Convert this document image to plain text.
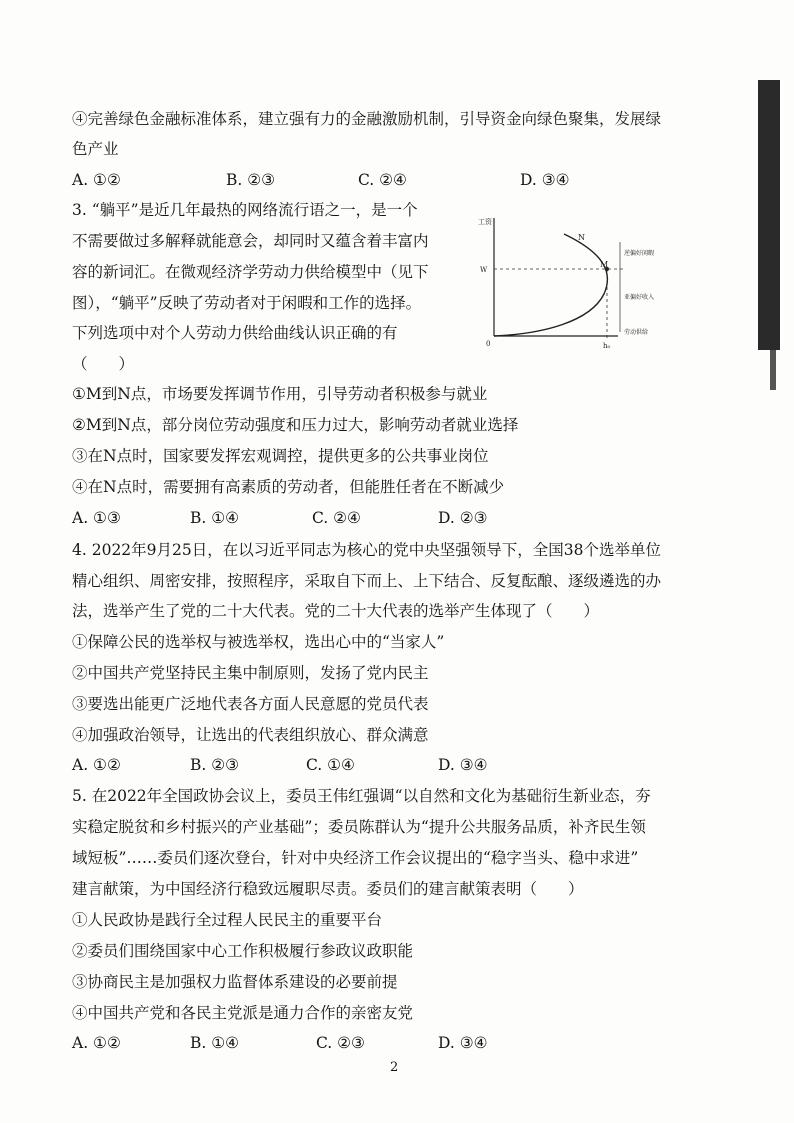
④完善绿色金融标准体系，建立强有力的金融激励机制，引导资金向绿色聚集，发展绿
色产业
A. ①②	B. ②③	C. ②④	D. ③④
3. “躺平”是近几年最热的网络流行语之一，是一个
不需要做过多解释就能意会，却同时又蕴含着丰富内
容的新词汇。在微观经济学劳动力供给模型中（见下
图），“躺平”反映了劳动者对于闲暇和工作的选择。
下列选项中对个人劳动力供给曲线认识正确的有
（　　）
工资
W
0
N
M
h₀
逆偏好闲暇
亚偏好收入
劳动供给
①M到N点，市场要发挥调节作用，引导劳动者积极参与就业
②M到N点，部分岗位劳动强度和压力过大，影响劳动者就业选择
③在N点时，国家要发挥宏观调控，提供更多的公共事业岗位
④在N点时，需要拥有高素质的劳动者，但能胜任者在不断减少
A. ①③	B. ①④	C. ②④	D. ②③
4. 2022年9月25日，在以习近平同志为核心的党中央坚强领导下，全国38个选举单位
精心组织、周密安排，按照程序，采取自下而上、上下结合、反复酝酿、逐级遴选的办
法，选举产生了党的二十大代表。党的二十大代表的选举产生体现了（　　）
①保障公民的选举权与被选举权，选出心中的“当家人”
②中国共产党坚持民主集中制原则，发扬了党内民主
③要选出能更广泛地代表各方面人民意愿的党员代表
④加强政治领导，让选出的代表组织放心、群众满意
A. ①②	B. ②③	C. ①④	D. ③④
5. 在2022年全国政协会议上，委员王伟红强调“以自然和文化为基础衍生新业态，夯
实稳定脱贫和乡村振兴的产业基础”；委员陈群认为“提升公共服务品质，补齐民生领
域短板”……委员们逐次登台，针对中央经济工作会议提出的“稳字当头、稳中求进”
建言献策，为中国经济行稳致远履职尽责。委员们的建言献策表明（　　）
①人民政协是践行全过程人民民主的重要平台
②委员们围绕国家中心工作积极履行参政议政职能
③协商民主是加强权力监督体系建设的必要前提
④中国共产党和各民主党派是通力合作的亲密友党
A. ①②	B. ①④	C. ②③	D. ③④
2
